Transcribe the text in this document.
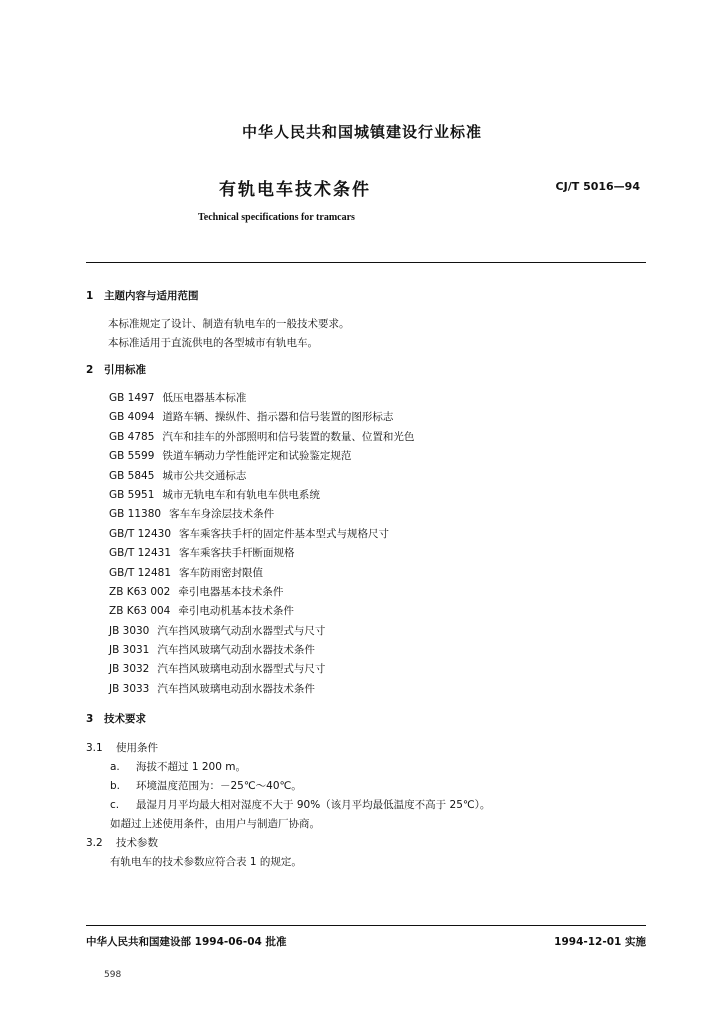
中华人民共和国城镇建设行业标准
有轨电车技术条件	CJ/T 5016—94
Technical specifications for tramcars
1 主题内容与适用范围
本标准规定了设计、制造有轨电车的一般技术要求。
本标准适用于直流供电的各型城市有轨电车。
2 引用标准
GB 1497 低压电器基本标准
GB 4094 道路车辆、操纵件、指示器和信号装置的图形标志
GB 4785 汽车和挂车的外部照明和信号装置的数量、位置和光色
GB 5599 铁道车辆动力学性能评定和试验鉴定规范
GB 5845 城市公共交通标志
GB 5951 城市无轨电车和有轨电车供电系统
GB 11380 客车车身涂层技术条件
GB/T 12430 客车乘客扶手杆的固定件基本型式与规格尺寸
GB/T 12431 客车乘客扶手杆断面规格
GB/T 12481 客车防雨密封限值
ZB K63 002 牵引电器基本技术条件
ZB K63 004 牵引电动机基本技术条件
JB 3030 汽车挡风玻璃气动刮水器型式与尺寸
JB 3031 汽车挡风玻璃气动刮水器技术条件
JB 3032 汽车挡风玻璃电动刮水器型式与尺寸
JB 3033 汽车挡风玻璃电动刮水器技术条件
3 技术要求
3.1 使用条件
a. 海拔不超过 1 200 m。
b. 环境温度范围为：－25℃～40℃。
c. 最湿月月平均最大相对湿度不大于 90%（该月平均最低温度不高于 25℃）。
如超过上述使用条件，由用户与制造厂协商。
3.2 技术参数
有轨电车的技术参数应符合表 1 的规定。
中华人民共和国建设部 1994-06-04 批准	1994-12-01 实施
598
